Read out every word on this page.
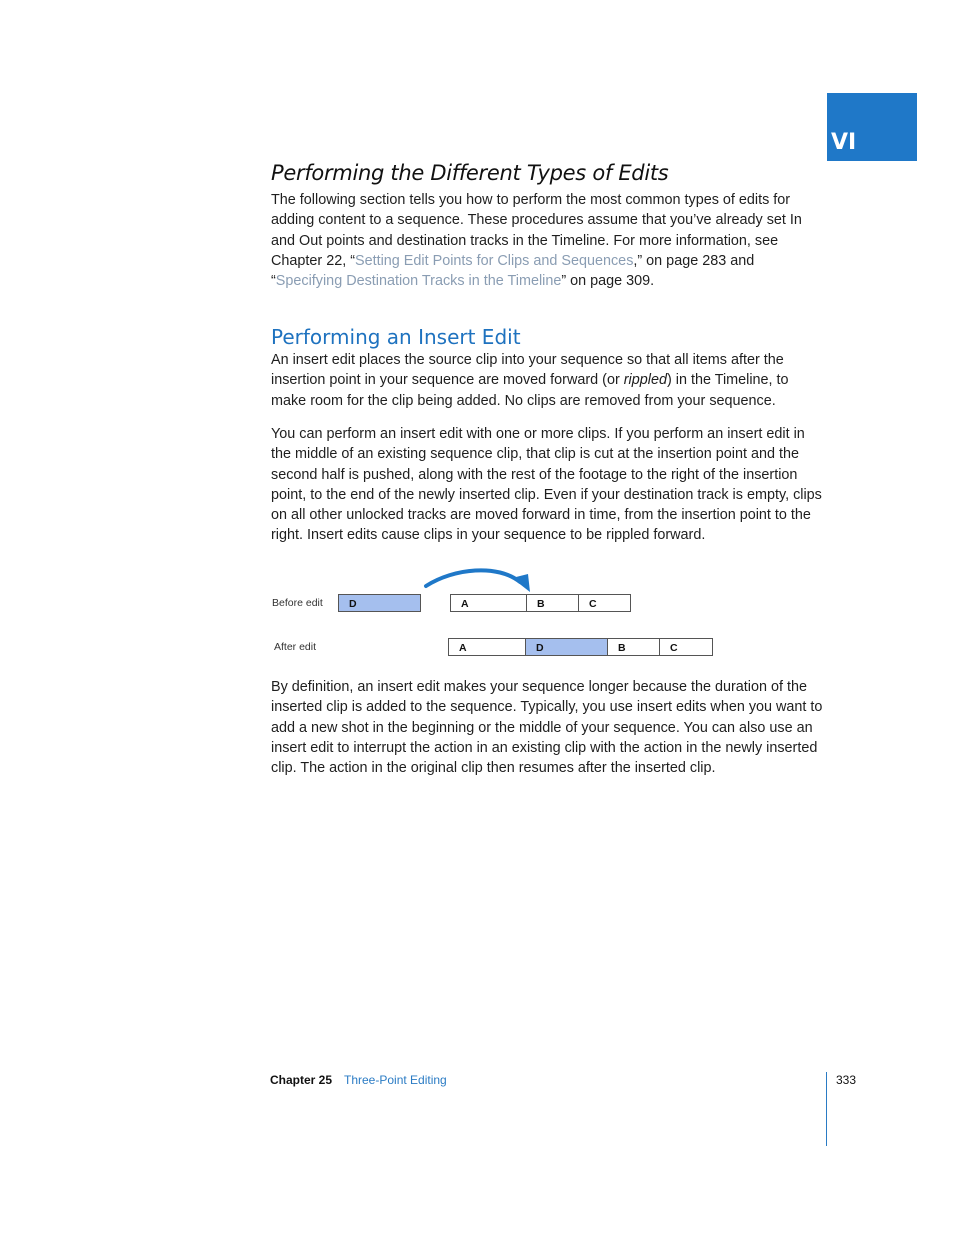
VI
Performing the Different Types of Edits

The following section tells you how to perform the most common types of edits for adding content to a sequence. These procedures assume that you’ve already set In and Out points and destination tracks in the Timeline. For more information, see Chapter 22, “Setting Edit Points for Clips and Sequences,” on page 283 and “Specifying Destination Tracks in the Timeline” on page 309.

Performing an Insert Edit

An insert edit places the source clip into your sequence so that all items after the insertion point in your sequence are moved forward (or rippled) in the Timeline, to make room for the clip being added. No clips are removed from your sequence.

You can perform an insert edit with one or more clips. If you perform an insert edit in the middle of an existing sequence clip, that clip is cut at the insertion point and the second half is pushed, along with the rest of the footage to the right of the insertion point, to the end of the newly inserted clip. Even if your destination track is empty, clips on all other unlocked tracks are moved forward in time, from the insertion point to the right. Insert edits cause clips in your sequence to be rippled forward.

Before edit	D	A	B	C
After edit	A	D	B	C

By definition, an insert edit makes your sequence longer because the duration of the inserted clip is added to the sequence. Typically, you use insert edits when you want to add a new shot in the beginning or the middle of your sequence. You can also use an insert edit to interrupt the action in an existing clip with the action in the newly inserted clip. The action in the original clip then resumes after the inserted clip.

Chapter 25 Three-Point Editing	333
